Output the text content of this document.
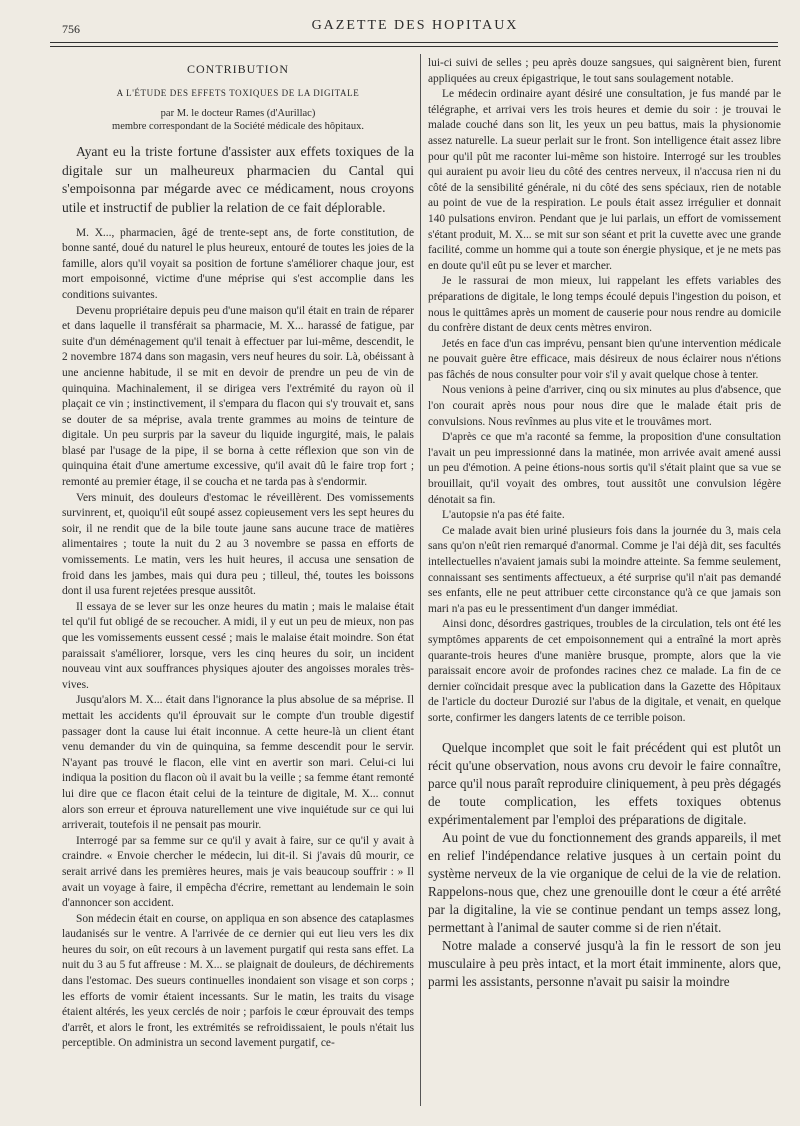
756	GAZETTE DES HOPITAUX
CONTRIBUTION
A L'ÉTUDE DES EFFETS TOXIQUES DE LA DIGITALE
par M. le docteur Rames (d'Aurillac)
membre correspondant de la Société médicale des hôpitaux.

Ayant eu la triste fortune d'assister aux effets toxiques de la digitale sur un malheureux pharmacien du Cantal qui s'empoisonna par mégarde avec ce médicament, nous croyons utile et instructif de publier la relation de ce fait déplorable.

M. X..., pharmacien, âgé de trente-sept ans, de forte constitution, de bonne santé, doué du naturel le plus heureux, entouré de toutes les joies de la famille, alors qu'il voyait sa position de fortune s'améliorer chaque jour, est mort empoisonné, victime d'une méprise qui s'est accomplie dans les conditions suivantes.

Devenu propriétaire depuis peu d'une maison qu'il était en train de réparer et dans laquelle il transférait sa pharmacie, M. X... harassé de fatigue, par suite d'un déménagement qu'il tenait à effectuer par lui-même, descendit, le 2 novembre 1874 dans son magasin, vers neuf heures du soir. Là, obéissant à une ancienne habitude, il se mit en devoir de prendre un peu de vin de quinquina. Machinalement, il se dirigea vers l'extrémité du rayon où il plaçait ce vin ; instinctivement, il s'empara du flacon qui s'y trouvait et, sans se douter de sa méprise, avala trente grammes au moins de teinture de digitale. Un peu surpris par la saveur du liquide ingurgité, mais, le palais blasé par l'usage de la pipe, il se borna à cette réflexion que son vin de quinquina était d'une amertume excessive, qu'il avait dû le faire trop fort ; remonté au premier étage, il se coucha et ne tarda pas à s'endormir.

Vers minuit, des douleurs d'estomac le réveillèrent. Des vomissements survinrent, et, quoiqu'il eût soupé assez copieusement vers les sept heures du soir, il ne rendit que de la bile toute jaune sans aucune trace de matières alimentaires ; toute la nuit du 2 au 3 novembre se passa en efforts de vomissements. Le matin, vers les huit heures, il accusa une sensation de froid dans les jambes, mais qui dura peu ; tilleul, thé, toutes les boissons dont il usa furent rejetées presque aussitôt.

Il essaya de se lever sur les onze heures du matin ; mais le malaise était tel qu'il fut obligé de se recoucher. A midi, il y eut un peu de mieux, non pas que les vomissements eussent cessé ; mais le malaise était moindre. Son état paraissait s'améliorer, lorsque, vers les cinq heures du soir, un incident nouveau vint aux souffrances physiques ajouter des angoisses morales très-vives.

Jusqu'alors M. X... était dans l'ignorance la plus absolue de sa méprise. Il mettait les accidents qu'il éprouvait sur le compte d'un trouble digestif passager dont la cause lui était inconnue. A cette heure-là un client étant venu demander du vin de quinquina, sa femme descendit pour le servir. N'ayant pas trouvé le flacon, elle vint en avertir son mari. Celui-ci lui indiqua la position du flacon où il avait bu la veille ; sa femme étant remonté lui dire que ce flacon était celui de la teinture de digitale, M. X... connut alors son erreur et éprouva naturellement une vive inquiétude sur ce qui lui arriverait, toutefois il ne pensait pas mourir.

Interrogé par sa femme sur ce qu'il y avait à faire, sur ce qu'il y avait à craindre. « Envoie chercher le médecin, lui dit-il. Si j'avais dû mourir, ce serait arrivé dans les premières heures, mais je vais beaucoup souffrir : » Il avait un voyage à faire, il empêcha d'écrire, remettant au lendemain le soin d'annoncer son accident.

Son médecin était en course, on appliqua en son absence des cataplasmes laudanisés sur le ventre. A l'arrivée de ce dernier qui eut lieu vers les dix heures du soir, on eût recours à un lavement purgatif qui resta sans effet. La nuit du 3 au 5 fut affreuse : M. X... se plaignait de douleurs, de déchirements dans l'estomac. Des sueurs continuelles inondaient son visage et son corps ; les efforts de vomir étaient incessants. Sur le matin, les traits du visage étaient altérés, les yeux cerclés de noir ; parfois le cœur éprouvait des temps d'arrêt, et alors le front, les extrémités se refroidissaient, le pouls n'était lus perceptible. On administra un second lavement purgatif, ce-

lui-ci suivi de selles ; peu après douze sangsues, qui saignèrent bien, furent appliquées au creux épigastrique, le tout sans soulagement notable.

Le médecin ordinaire ayant désiré une consultation, je fus mandé par le télégraphe, et arrivai vers les trois heures et demie du soir : je trouvai le malade couché dans son lit, les yeux un peu battus, mais la physionomie assez naturelle. La sueur perlait sur le front. Son intelligence était assez libre pour qu'il pût me raconter lui-même son histoire. Interrogé sur les troubles qui auraient pu avoir lieu du côté des centres nerveux, il n'accusa rien ni du côté de la sensibilité générale, ni du côté des sens spéciaux, rien de notable au point de vue de la respiration. Le pouls était assez irrégulier et donnait 140 pulsations environ. Pendant que je lui parlais, un effort de vomissement s'étant produit, M. X... se mit sur son séant et prit la cuvette avec une grande facilité, comme un homme qui a toute son énergie physique, et je ne mets pas en doute qu'il eût pu se lever et marcher.

Je le rassurai de mon mieux, lui rappelant les effets variables des préparations de digitale, le long temps écoulé depuis l'ingestion du poison, et nous le quittâmes après un moment de causerie pour nous rendre au domicile du confrère distant de deux cents mètres environ.

Jetés en face d'un cas imprévu, pensant bien qu'une intervention médicale ne pouvait guère être efficace, mais désireux de nous éclairer nous n'étions pas fâchés de nous consulter pour voir s'il y avait quelque chose à tenter.

Nous venions à peine d'arriver, cinq ou six minutes au plus d'absence, que l'on courait après nous pour nous dire que le malade était pris de convulsions. Nous revînmes au plus vite et le trouvâmes mort.

D'après ce que m'a raconté sa femme, la proposition d'une consultation l'avait un peu impressionné dans la matinée, mon arrivée avait amené aussi un peu d'émotion. A peine étions-nous sortis qu'il s'était plaint que sa vue se brouillait, qu'il voyait des ombres, tout aussitôt une convulsion légère dénotait sa fin.

L'autopsie n'a pas été faite.

Ce malade avait bien uriné plusieurs fois dans la journée du 3, mais cela sans qu'on n'eût rien remarqué d'anormal. Comme je l'ai déjà dit, ses facultés intellectuelles n'avaient jamais subi la moindre atteinte. Sa femme seulement, connaissant ses sentiments affectueux, a été surprise qu'il n'ait pas demandé ses enfants, elle ne peut attribuer cette circonstance qu'à ce que jamais son mari n'a pas eu le pressentiment d'un danger immédiat.

Ainsi donc, désordres gastriques, troubles de la circulation, tels ont été les symptômes apparents de cet empoisonnement qui a entraîné la mort après quarante-trois heures d'une manière brusque, prompte, alors que la vie paraissait encore avoir de profondes racines chez ce malade. La fin de ce dernier coïncidait presque avec la publication dans la Gazette des Hôpitaux de l'article du docteur Durozié sur l'abus de la digitale, et venait, en quelque sorte, confirmer les dangers latents de ce terrible poison.

Quelque incomplet que soit le fait précédent qui est plutôt un récit qu'une observation, nous avons cru devoir le faire connaître, parce qu'il nous paraît reproduire cliniquement, à peu près dégagés de toute complication, les effets toxiques obtenus expérimentalement par l'emploi des préparations de digitale.

Au point de vue du fonctionnement des grands appareils, il met en relief l'indépendance relative jusques à un certain point du système nerveux de la vie organique de celui de la vie de relation. Rappelons-nous que, chez une grenouille dont le cœur a été arrêté par la digitaline, la vie se continue pendant un temps assez long, permettant à l'animal de sauter comme si de rien n'était.

Notre malade a conservé jusqu'à la fin le ressort de son jeu musculaire à peu près intact, et la mort était imminente, alors que, parmi les assistants, personne n'avait pu saisir la moindre
